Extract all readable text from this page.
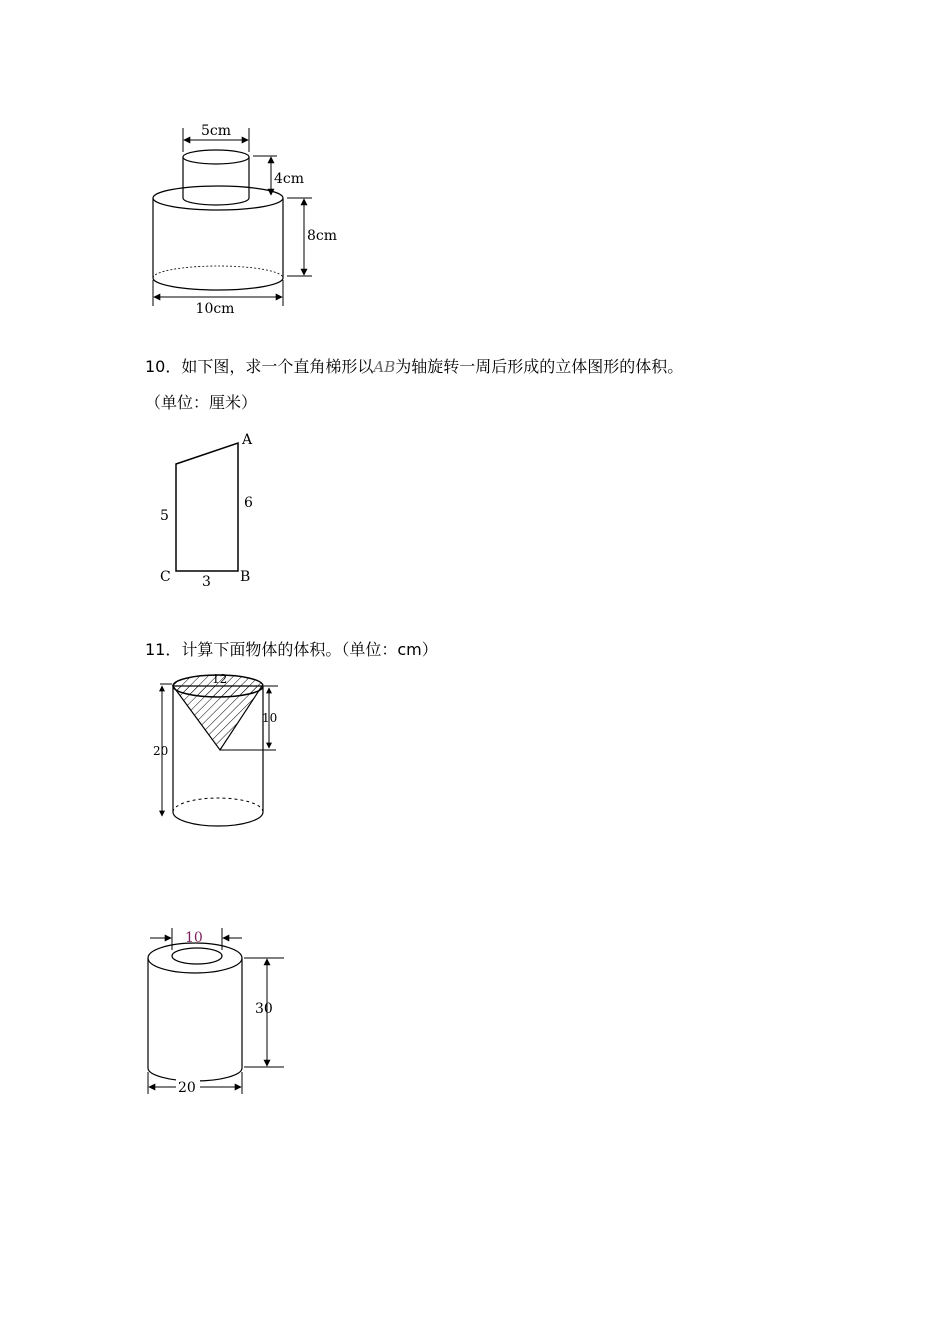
5cm
4cm
8cm
10cm
10．如下图，求一个直角梯形以AB为轴旋转一周后形成的立体图形的体积。
（单位：厘米）
A
6
5
C 3 B
11．计算下面物体的体积。（单位：cm）
12
20
10
10
30
20
